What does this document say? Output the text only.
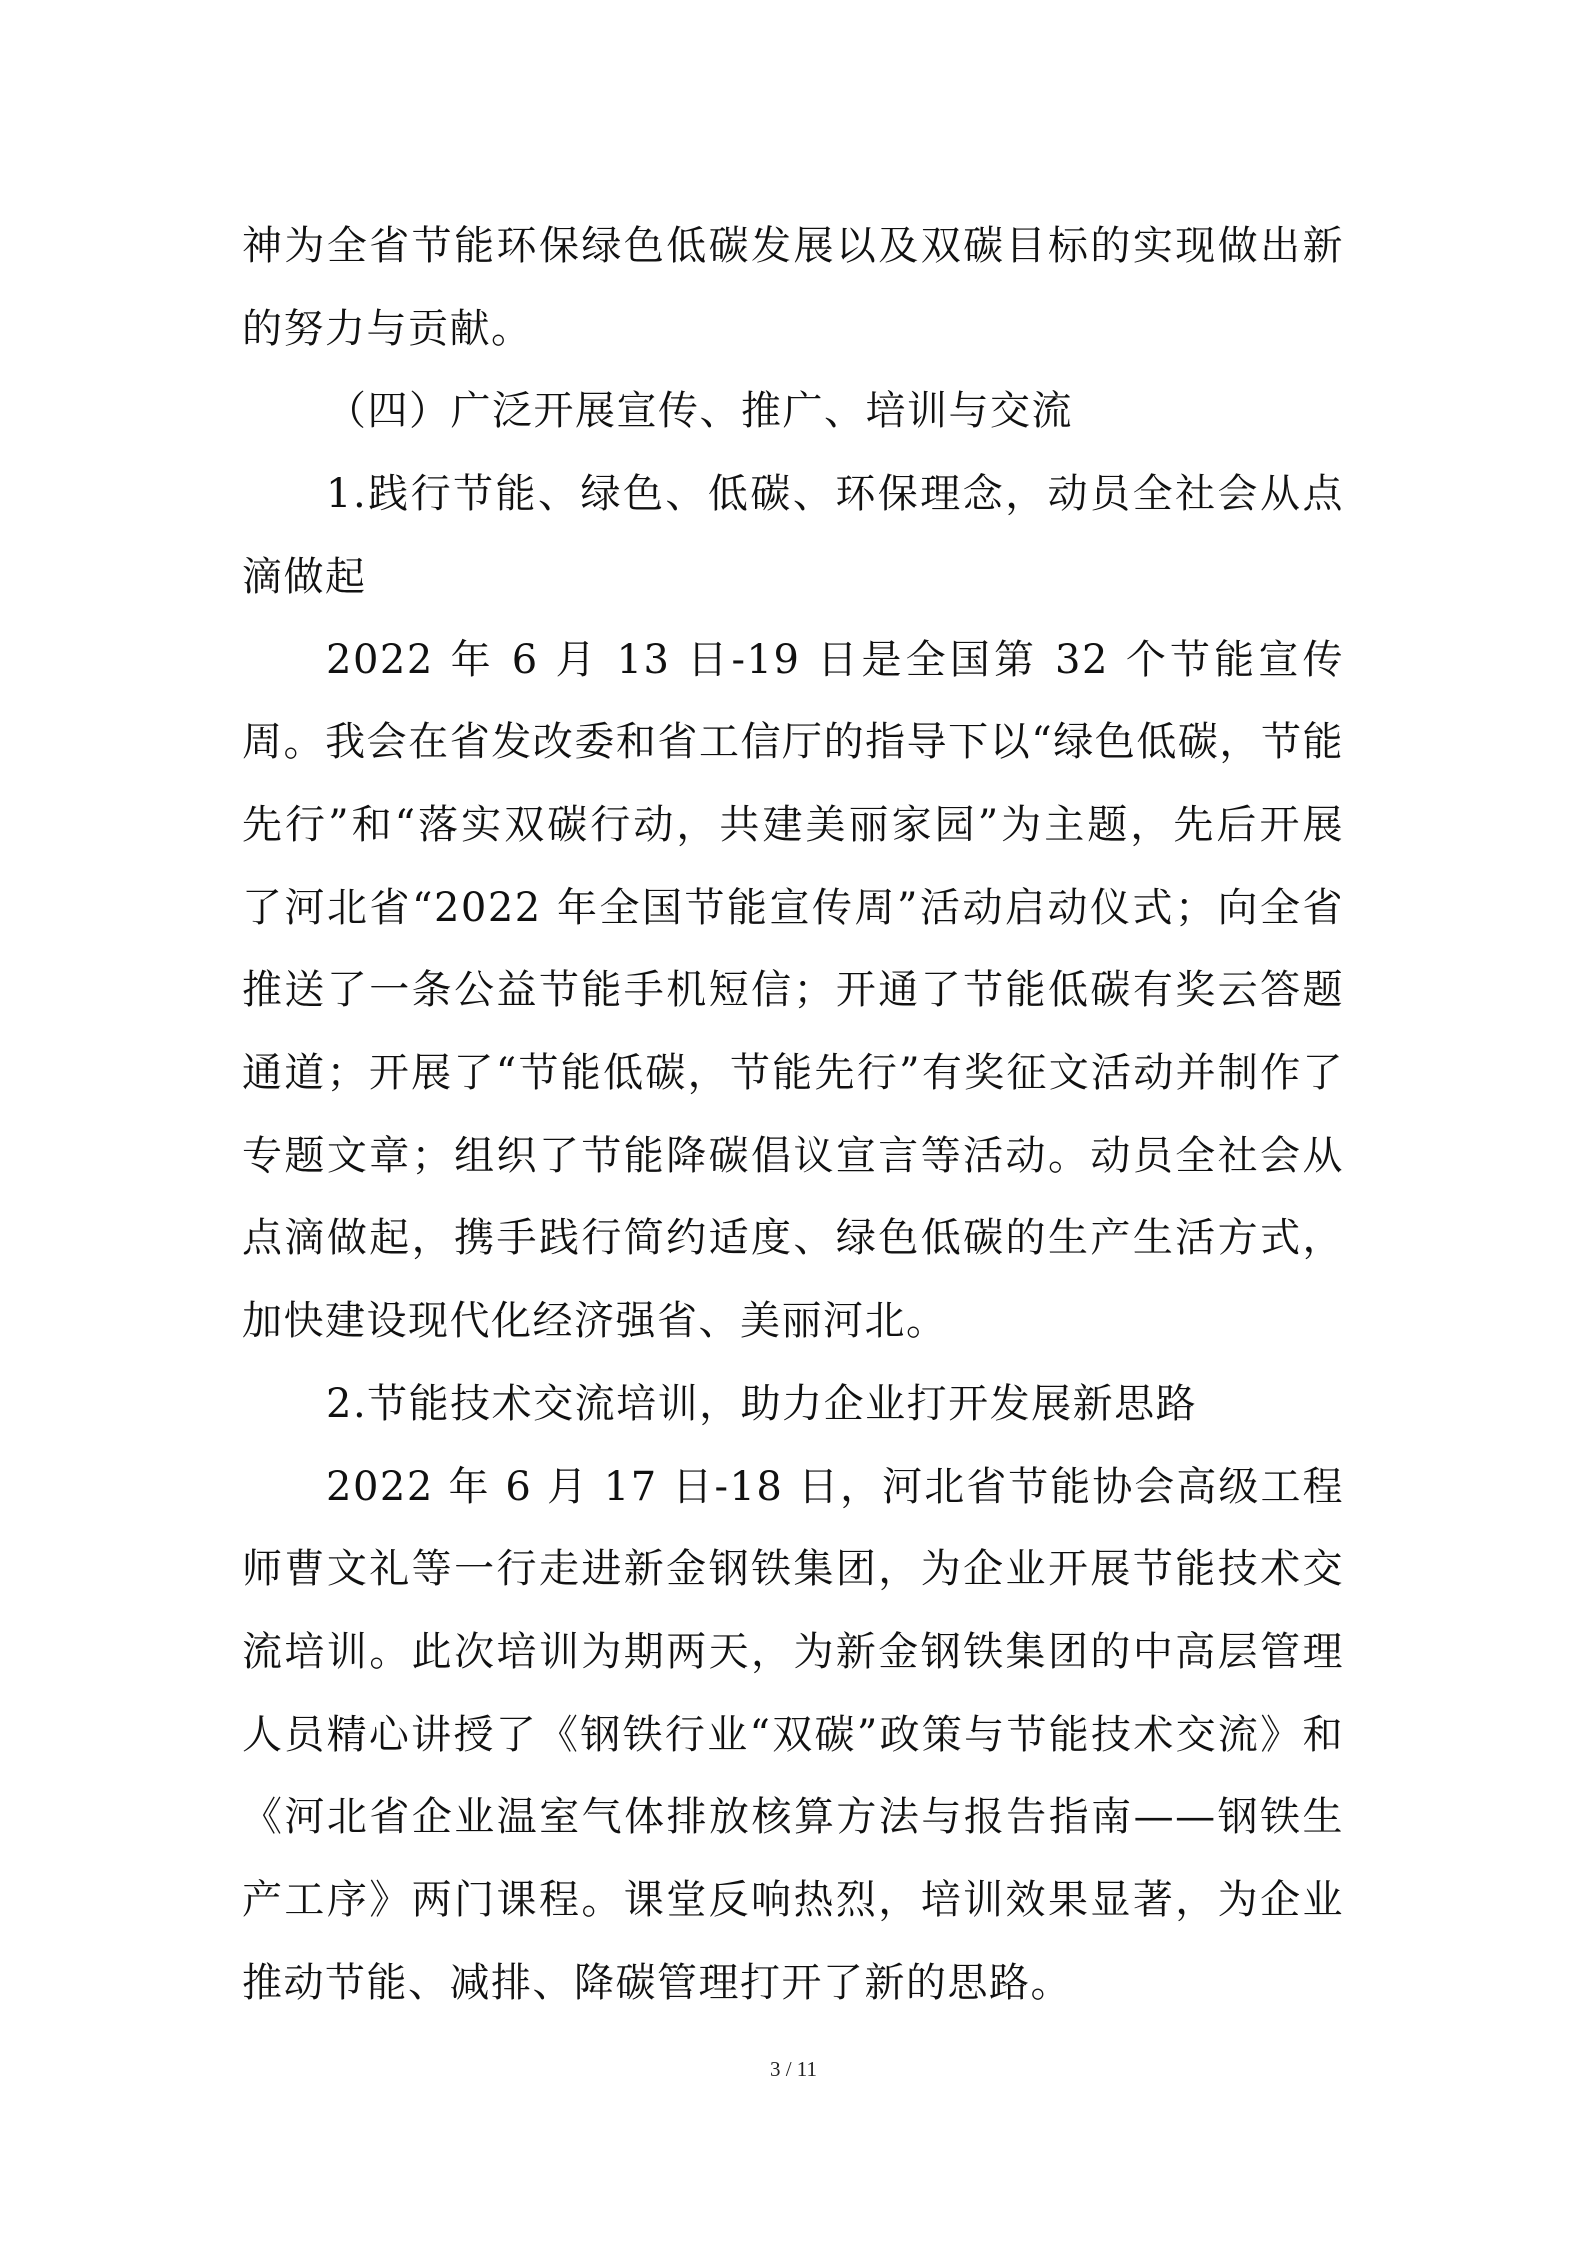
神为全省节能环保绿色低碳发展以及双碳目标的实现做出新的努力与贡献。

（四）广泛开展宣传、推广、培训与交流

1.践行节能、绿色、低碳、环保理念，动员全社会从点滴做起

2022 年 6 月 13 日-19 日是全国第 32 个节能宣传周。我会在省发改委和省工信厅的指导下以“绿色低碳，节能先行”和“落实双碳行动，共建美丽家园”为主题，先后开展了河北省“2022 年全国节能宣传周”活动启动仪式；向全省推送了一条公益节能手机短信；开通了节能低碳有奖云答题通道；开展了“节能低碳，节能先行”有奖征文活动并制作了专题文章；组织了节能降碳倡议宣言等活动。动员全社会从点滴做起，携手践行简约适度、绿色低碳的生产生活方式，加快建设现代化经济强省、美丽河北。

2.节能技术交流培训，助力企业打开发展新思路

2022 年 6 月 17 日-18 日，河北省节能协会高级工程师曹文礼等一行走进新金钢铁集团，为企业开展节能技术交流培训。此次培训为期两天，为新金钢铁集团的中高层管理人员精心讲授了《钢铁行业“双碳”政策与节能技术交流》和《河北省企业温室气体排放核算方法与报告指南——钢铁生产工序》两门课程。课堂反响热烈，培训效果显著，为企业推动节能、减排、降碳管理打开了新的思路。

3 / 11
